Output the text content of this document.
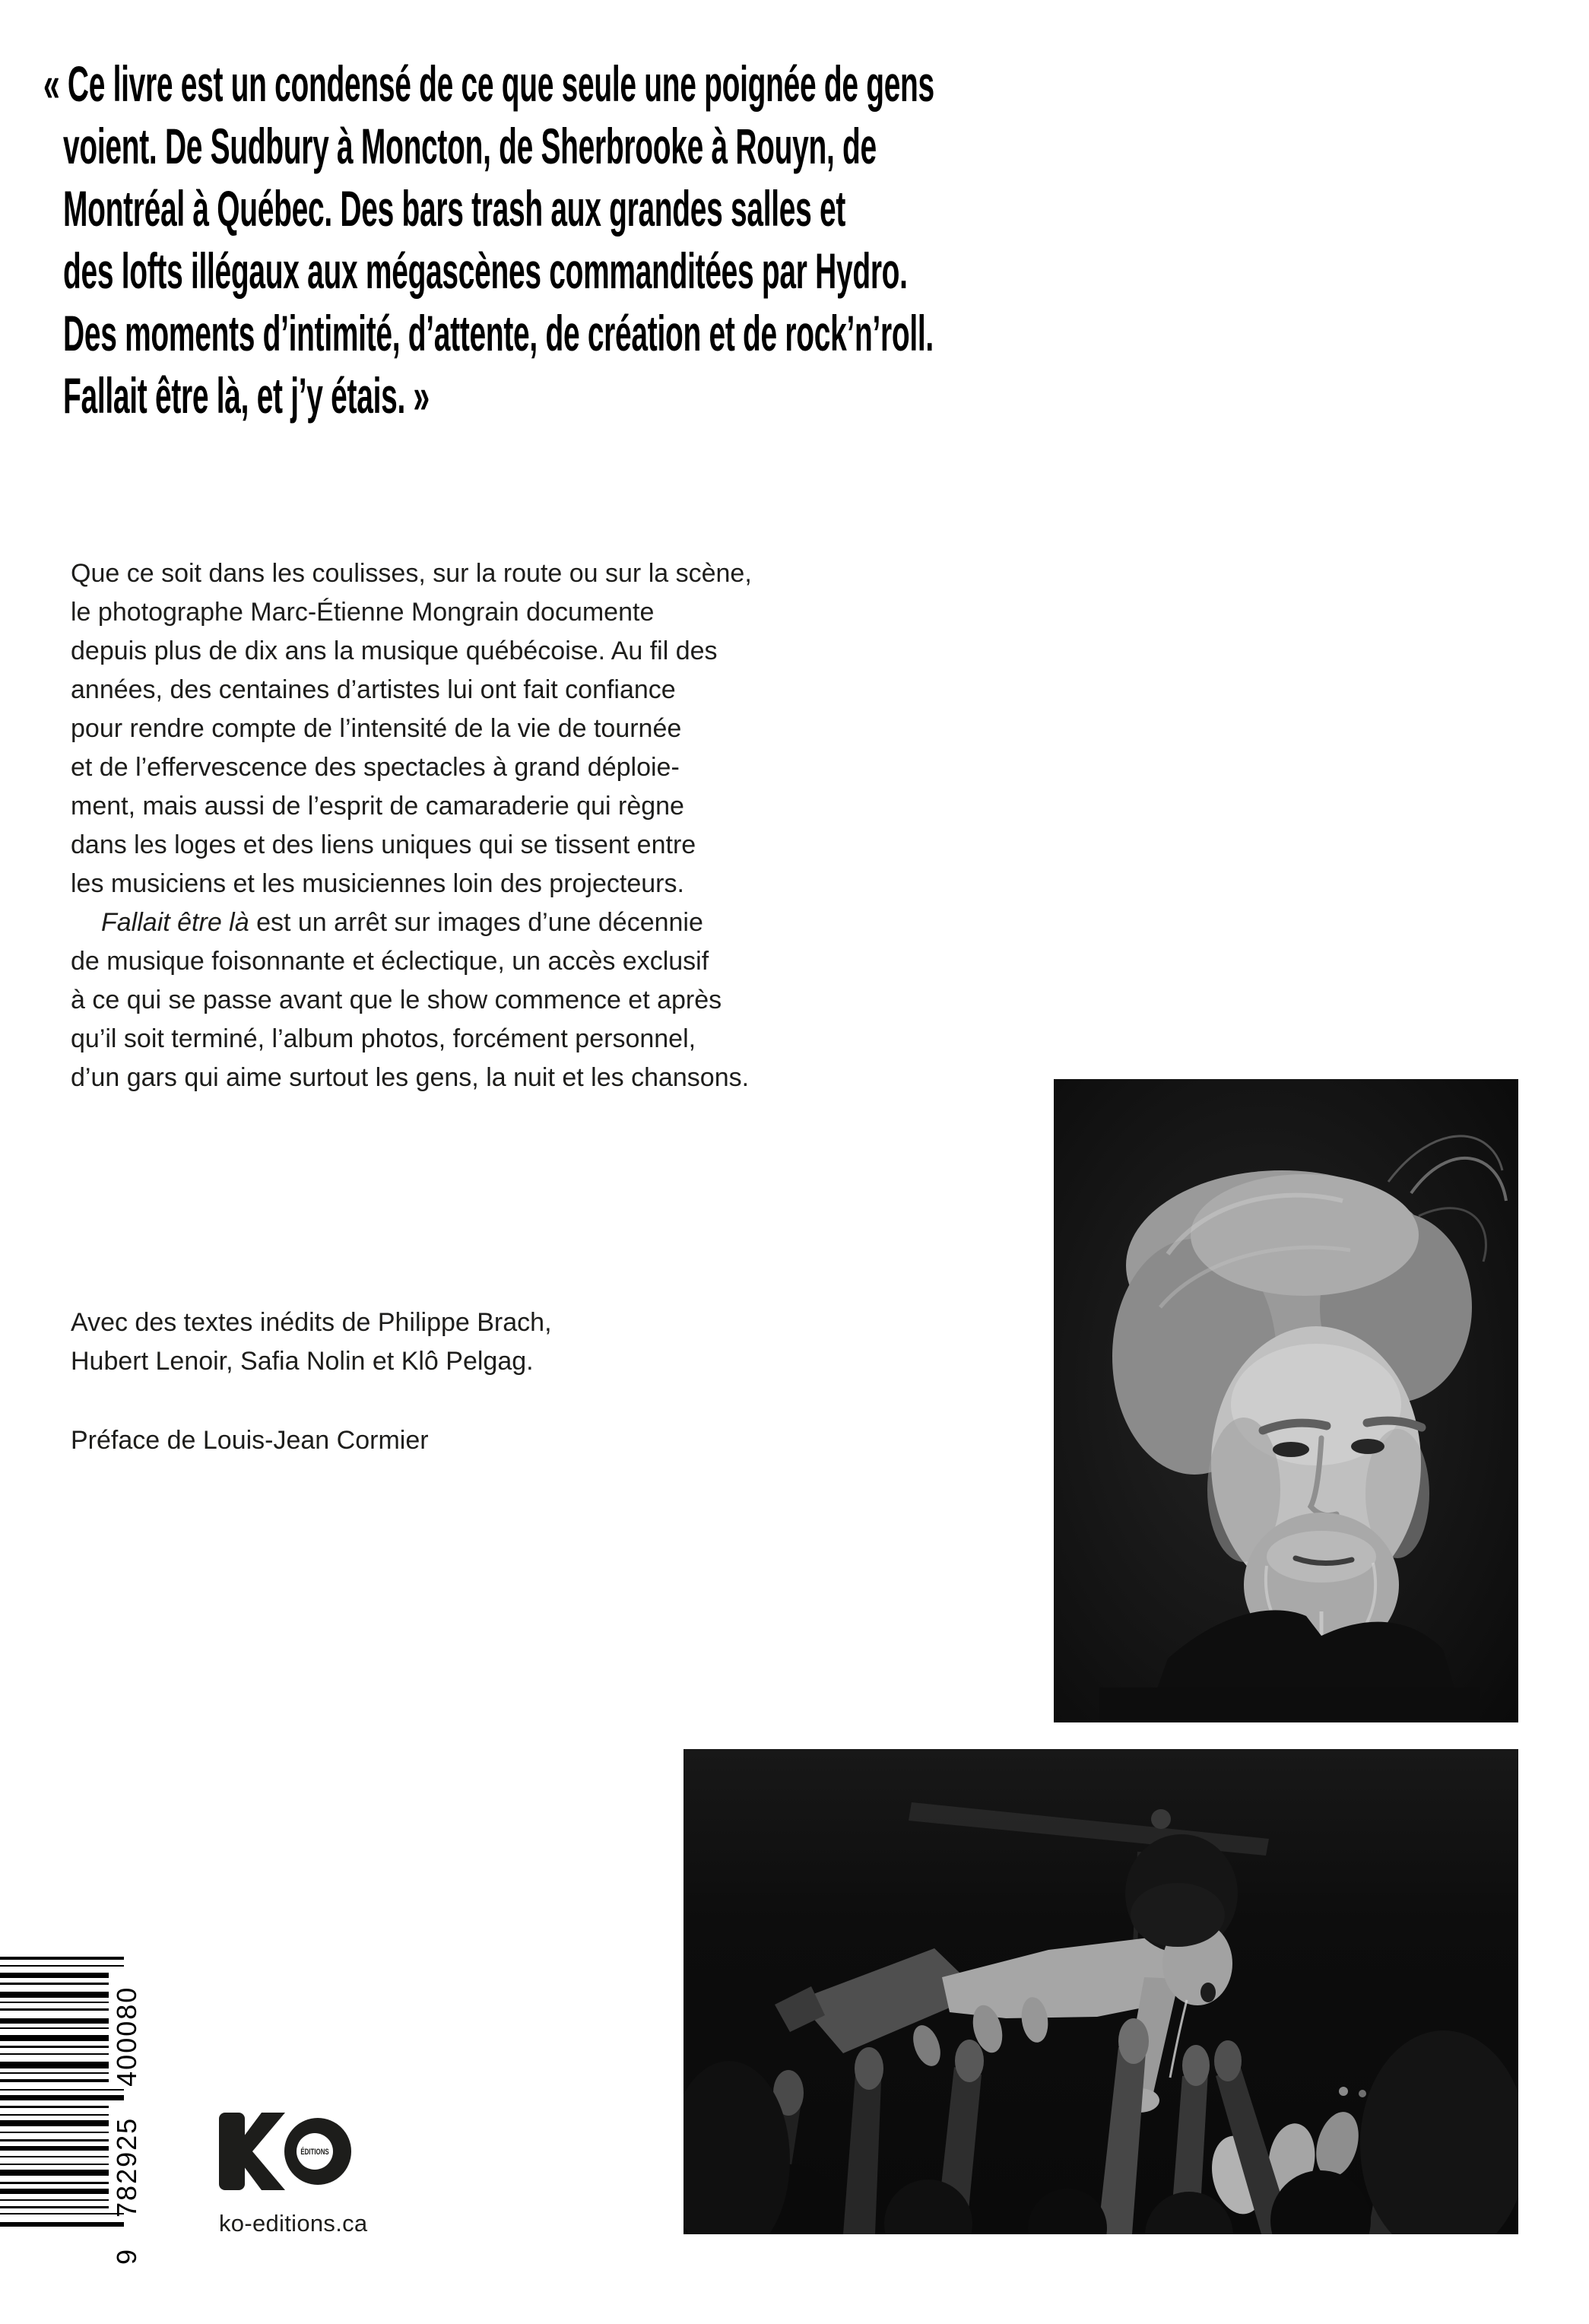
« Ce livre est un condensé de ce que seule une poignée de gens
voient. De Sudbury à Moncton, de Sherbrooke à Rouyn, de
Montréal à Québec. Des bars trash aux grandes salles et
des lofts illégaux aux mégascènes commanditées par Hydro.
Des moments d’intimité, d’attente, de création et de rock’n’roll.
Fallait être là, et j’y étais. »
Que ce soit dans les coulisses, sur la route ou sur la scène,
le photographe Marc-Étienne Mongrain documente
depuis plus de dix ans la musique québécoise. Au fil des
années, des centaines d’artistes lui ont fait confiance
pour rendre compte de l’intensité de la vie de tournée
et de l’effervescence des spectacles à grand déploie-
ment, mais aussi de l’esprit de camaraderie qui règne
dans les loges et des liens uniques qui se tissent entre
les musiciens et les musiciennes loin des projecteurs.
Fallait être là est un arrêt sur images d’une décennie
de musique foisonnante et éclectique, un accès exclusif
à ce qui se passe avant que le show commence et après
qu’il soit terminé, l’album photos, forcément personnel,
d’un gars qui aime surtout les gens, la nuit et les chansons.
Avec des textes inédits de Philippe Brach,
Hubert Lenoir, Safia Nolin et Klô Pelgag.
Préface de Louis-Jean Cormier
9 782925 400080	ÉDITIONS
ko-editions.ca
